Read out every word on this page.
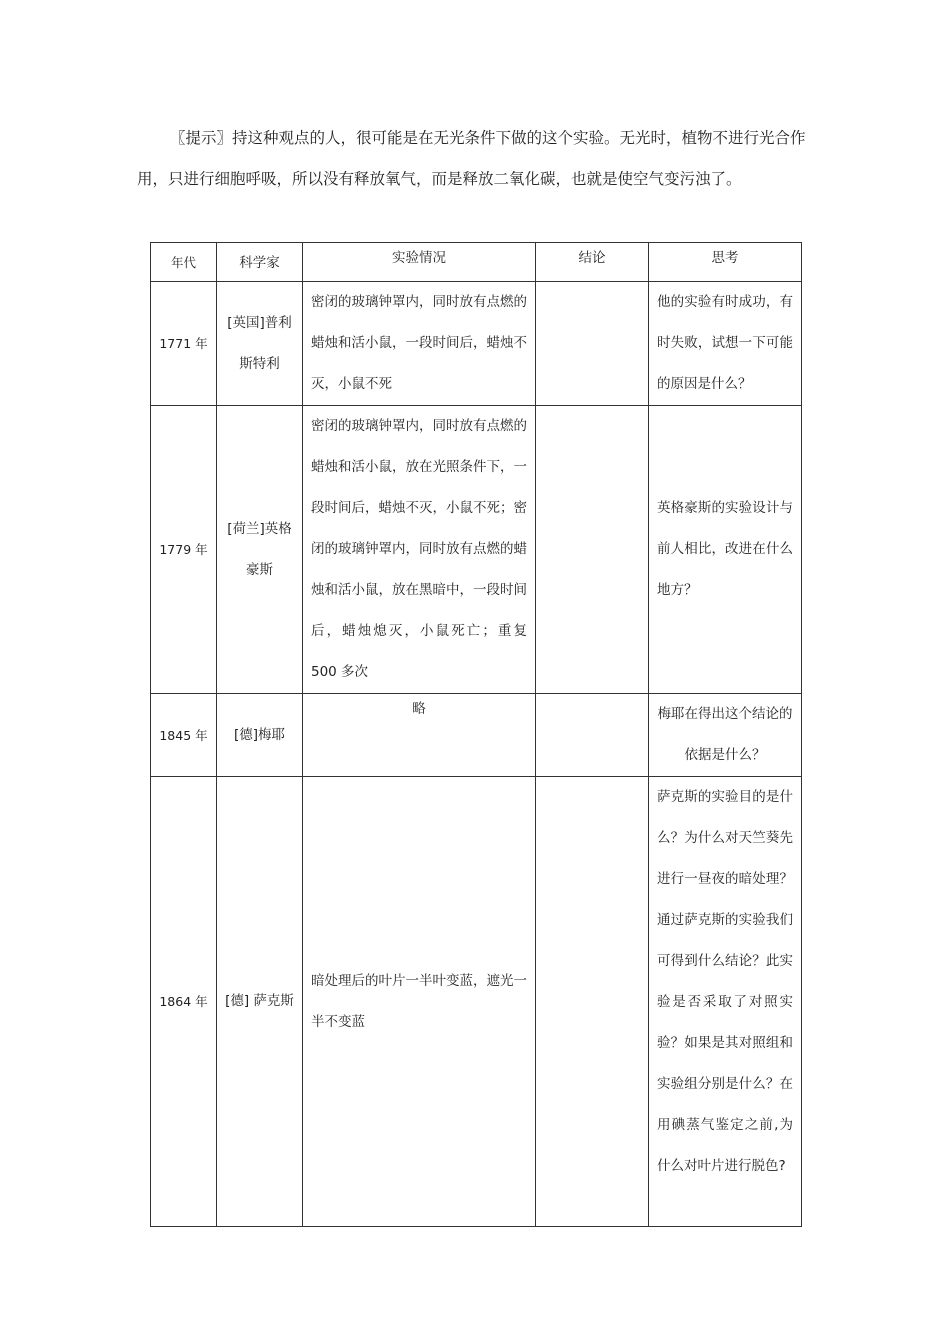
〖提示〗持这种观点的人，很可能是在无光条件下做的这个实验。无光时，植物不进行光合作用，只进行细胞呼吸，所以没有释放氧气，而是释放二氧化碳，也就是使空气变污浊了。

年代	科学家	实验情况	结论	思考
1771 年	[英国]普利斯特利	密闭的玻璃钟罩内，同时放有点燃的蜡烛和活小鼠，一段时间后，蜡烛不灭，小鼠不死		他的实验有时成功，有时失败，试想一下可能的原因是什么？
1779 年	[荷兰]英格豪斯	密闭的玻璃钟罩内，同时放有点燃的蜡烛和活小鼠，放在光照条件下，一段时间后，蜡烛不灭，小鼠不死；密闭的玻璃钟罩内，同时放有点燃的蜡烛和活小鼠，放在黑暗中，一段时间后，蜡烛熄灭，小鼠死亡；重复 500 多次		英格豪斯的实验设计与前人相比，改进在什么地方？
1845 年	[德]梅耶	略		梅耶在得出这个结论的依据是什么？
1864 年	[德] 萨克斯	暗处理后的叶片一半叶变蓝，遮光一半不变蓝		萨克斯的实验目的是什么？为什么对天竺葵先进行一昼夜的暗处理？通过萨克斯的实验我们可得到什么结论？此实验是否采取了对照实验？如果是其对照组和实验组分别是什么？在用碘蒸气鉴定之前,为什么对叶片进行脱色?
